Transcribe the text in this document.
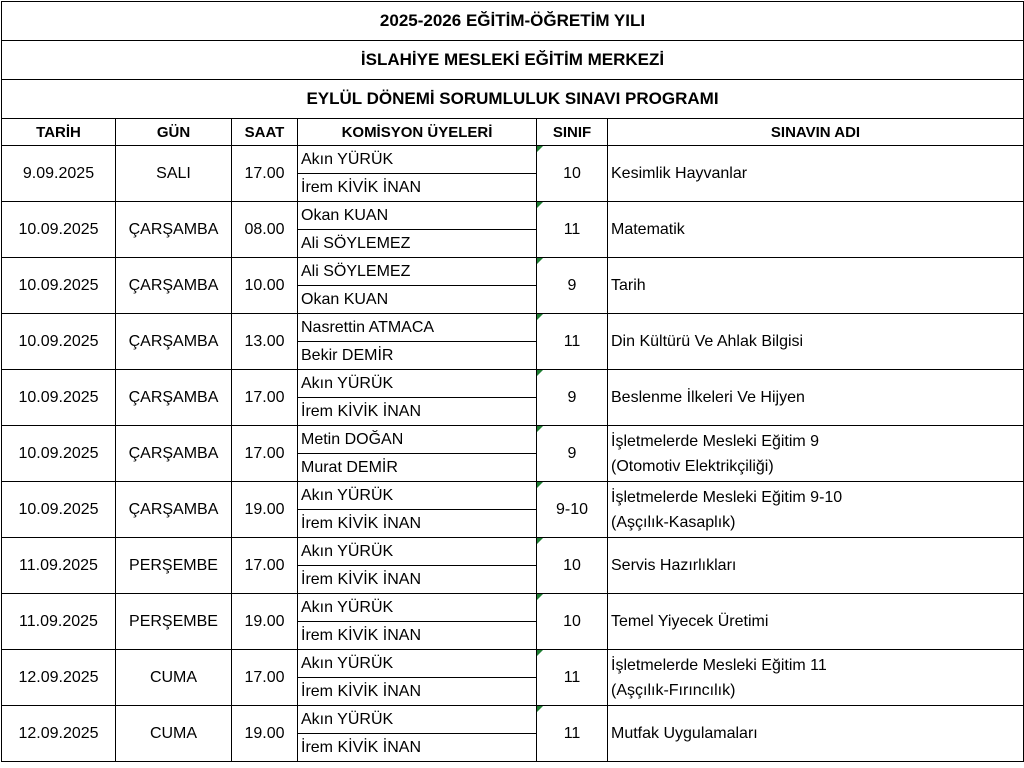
2025-2026 EĞİTİM-ÖĞRETİM YILI					
İSLAHİYE MESLEKİ EĞİTİM MERKEZİ					
EYLÜL DÖNEMİ SORUMLULUK SINAVI PROGRAMI					
TARİH	GÜN	SAAT	KOMİSYON ÜYELERİ	SINIF	SINAVIN ADI
9.09.2025	SALI	17.00	Akın YÜRÜK	10	Kesimlik Hayvanlar

			İrem KİVİK İNAN		
10.09.2025	ÇARŞAMBA	08.00	Okan KUAN	11	Matematik

			Ali SÖYLEMEZ		
10.09.2025	ÇARŞAMBA	10.00	Ali SÖYLEMEZ	9	Tarih

			Okan KUAN		
10.09.2025	ÇARŞAMBA	13.00	Nasrettin ATMACA	11	Din Kültürü Ve Ahlak Bilgisi

			Bekir DEMİR		
10.09.2025	ÇARŞAMBA	17.00	Akın YÜRÜK	9	Beslenme İlkeleri Ve Hijyen

			İrem KİVİK İNAN		
10.09.2025	ÇARŞAMBA	17.00	Metin DOĞAN	9	İşletmelerde Mesleki Eğitim 9
(Otomotiv Elektrikçiliği)

			Murat DEMİR		
10.09.2025	ÇARŞAMBA	19.00	Akın YÜRÜK	9-10	İşletmelerde Mesleki Eğitim 9-10
(Aşçılık-Kasaplık)

			İrem KİVİK İNAN		
11.09.2025	PERŞEMBE	17.00	Akın YÜRÜK	10	Servis Hazırlıkları

			İrem KİVİK İNAN		
11.09.2025	PERŞEMBE	19.00	Akın YÜRÜK	10	Temel Yiyecek Üretimi

			İrem KİVİK İNAN		
12.09.2025	CUMA	17.00	Akın YÜRÜK	11	İşletmelerde Mesleki Eğitim 11
(Aşçılık-Fırıncılık)

			İrem KİVİK İNAN		
12.09.2025	CUMA	19.00	Akın YÜRÜK	11	Mutfak Uygulamaları

			İrem KİVİK İNAN		
